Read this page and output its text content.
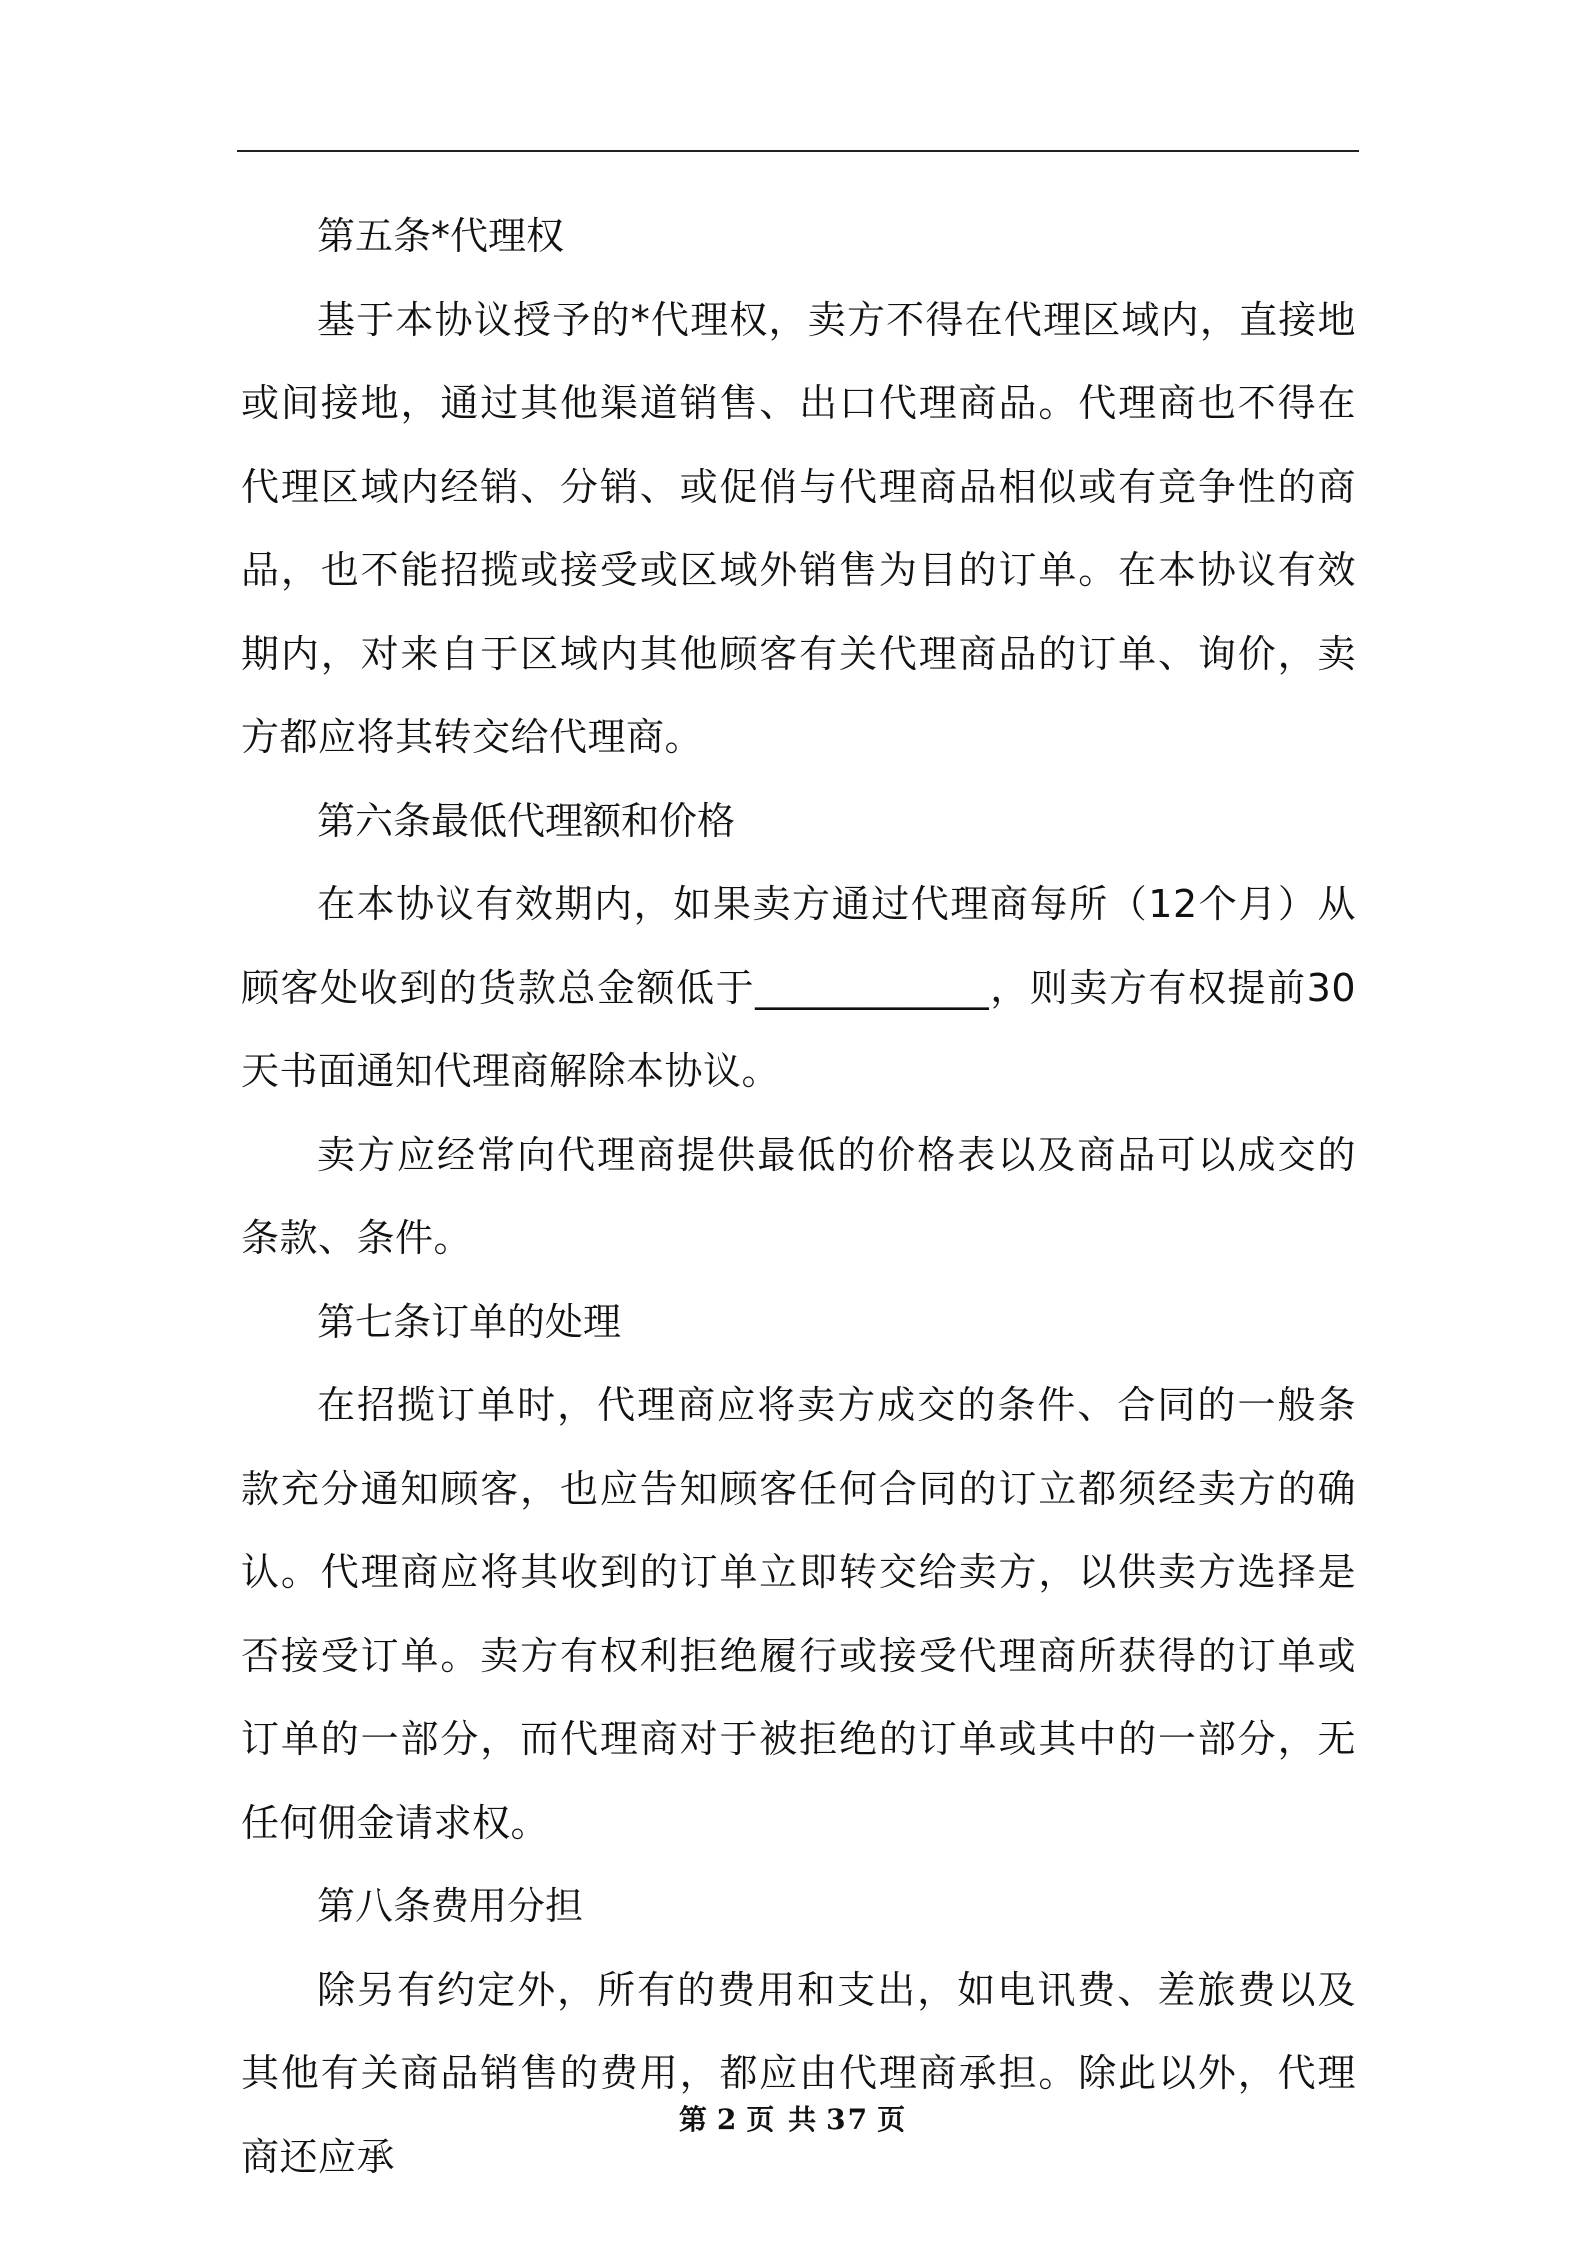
第五条*代理权

基于本协议授予的*代理权，卖方不得在代理区域内，直接地或间接地，通过其他渠道销售、出口代理商品。代理商也不得在代理区域内经销、分销、或促俏与代理商品相似或有竞争性的商品，也不能招揽或接受或区域外销售为目的订单。在本协议有效期内，对来自于区域内其他顾客有关代理商品的订单、询价，卖方都应将其转交给代理商。

第六条最低代理额和价格

在本协议有效期内，如果卖方通过代理商每所（12个月）从顾客处收到的货款总金额低于____________，则卖方有权提前30天书面通知代理商解除本协议。

卖方应经常向代理商提供最低的价格表以及商品可以成交的条款、条件。

第七条订单的处理

在招揽订单时，代理商应将卖方成交的条件、合同的一般条款充分通知顾客，也应告知顾客任何合同的订立都须经卖方的确认。代理商应将其收到的订单立即转交给卖方，以供卖方选择是否接受订单。卖方有权利拒绝履行或接受代理商所获得的订单或订单的一部分，而代理商对于被拒绝的订单或其中的一部分，无任何佣金请求权。

第八条费用分担

除另有约定外，所有的费用和支出，如电讯费、差旅费以及其他有关商品销售的费用，都应由代理商承担。除此以外，代理商还应承

第 2 页 共 37 页
